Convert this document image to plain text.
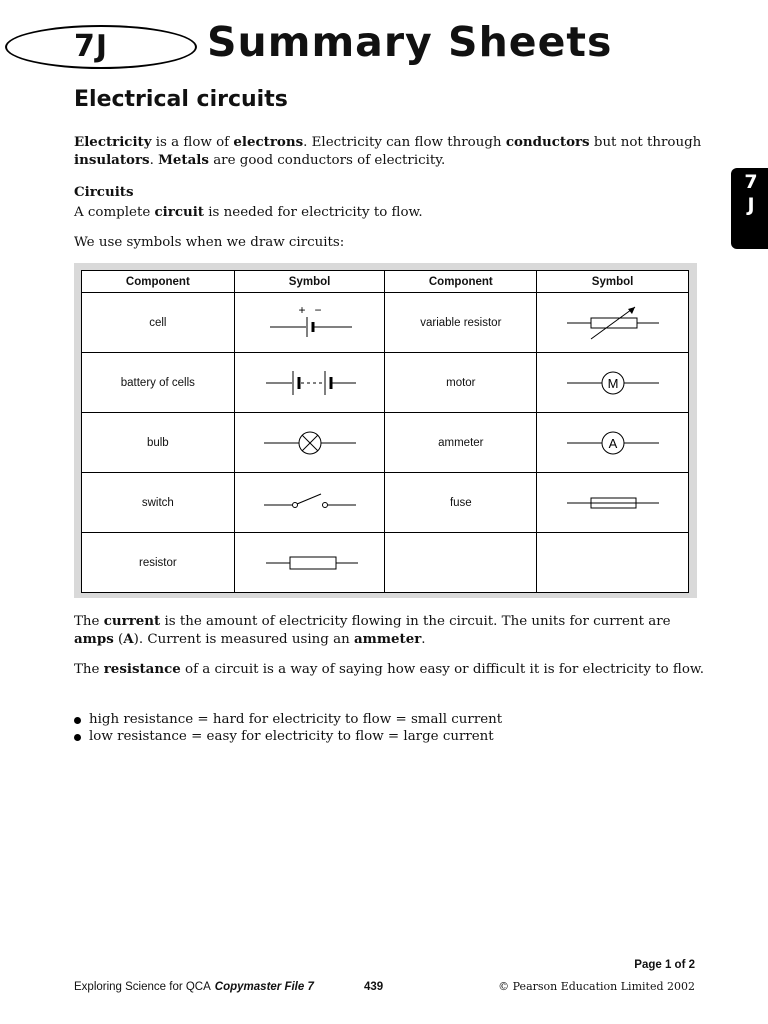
7J Summary Sheets
Electrical circuits
7
J

Electricity is a flow of electrons. Electricity can flow through conductors but not through insulators. Metals are good conductors of electricity.

Circuits

A complete circuit is needed for electricity to flow.

We use symbols when we draw circuits:

Component	Symbol	Component	Symbol
cell	+ −	variable resistor	

battery of cells		motor	M

bulb		ammeter	A

switch		fuse	

resistor	

The current is the amount of electricity flowing in the circuit. The units for current are amps (A). Current is measured using an ammeter.

The resistance of a circuit is a way of saying how easy or difficult it is for electricity to flow.

high resistance = hard for electricity to flow = small current
low resistance = easy for electricity to flow = large current
Page 1 of 2
Exploring Science for QCA Copymaster File 7	439	© Pearson Education Limited 2002
